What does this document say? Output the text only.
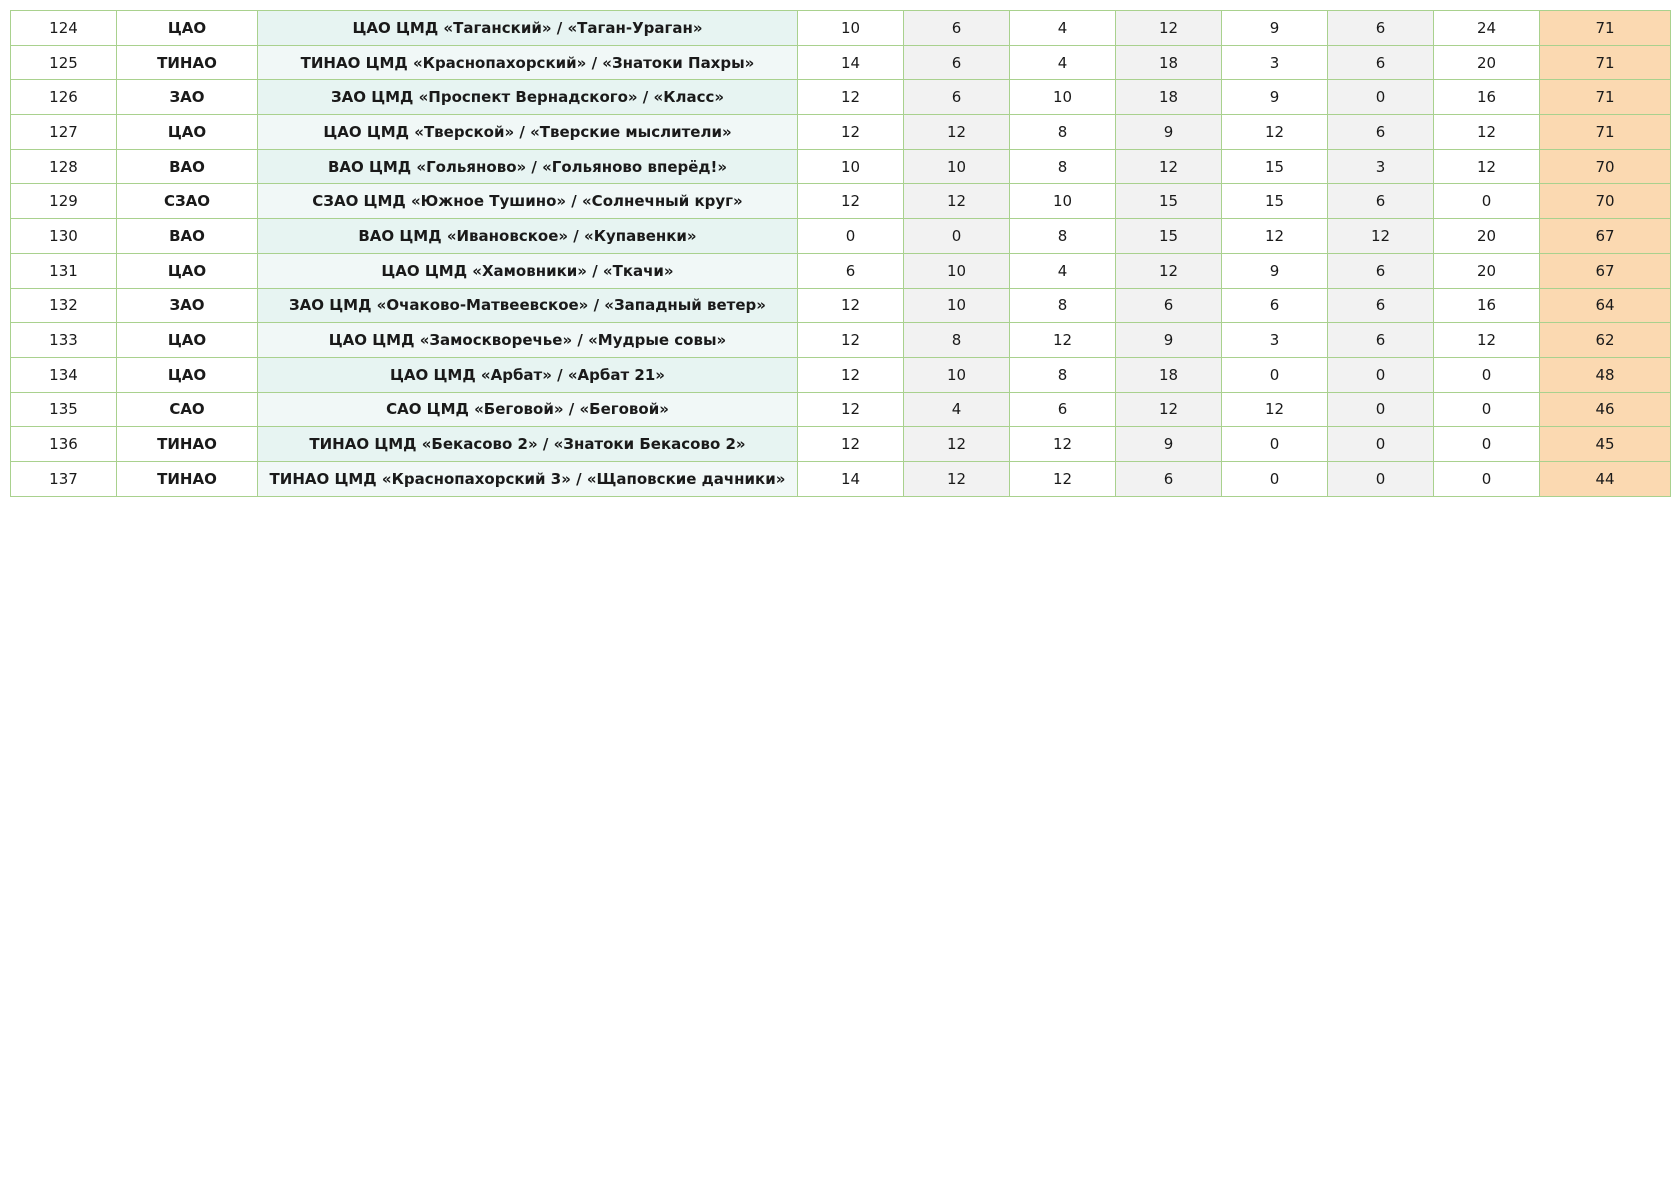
124	ЦАО	ЦАО ЦМД «Таганский» / «Таган-Ураган»	10	6	4	12	9	6	24	71
125	ТИНАО	ТИНАО ЦМД «Краснопахорский» / «Знатоки Пахры»	14	6	4	18	3	6	20	71
126	ЗАО	ЗАО ЦМД «Проспект Вернадского» / «Класс»	12	6	10	18	9	0	16	71
127	ЦАО	ЦАО ЦМД «Тверской» / «Тверские мыслители»	12	12	8	9	12	6	12	71
128	ВАО	ВАО ЦМД «Гольяново» / «Гольяново вперёд!»	10	10	8	12	15	3	12	70
129	СЗАО	СЗАО ЦМД «Южное Тушино» / «Солнечный круг»	12	12	10	15	15	6	0	70
130	ВАО	ВАО ЦМД «Ивановское» / «Купавенки»	0	0	8	15	12	12	20	67
131	ЦАО	ЦАО ЦМД «Хамовники» / «Ткачи»	6	10	4	12	9	6	20	67
132	ЗАО	ЗАО ЦМД «Очаково-Матвеевское» / «Западный ветер»	12	10	8	6	6	6	16	64
133	ЦАО	ЦАО ЦМД «Замоскворечье» / «Мудрые совы»	12	8	12	9	3	6	12	62
134	ЦАО	ЦАО ЦМД «Арбат» / «Арбат 21»	12	10	8	18	0	0	0	48
135	САО	САО ЦМД «Беговой» / «Беговой»	12	4	6	12	12	0	0	46
136	ТИНАО	ТИНАО ЦМД «Бекасово 2» / «Знатоки Бекасово 2»	12	12	12	9	0	0	0	45
137	ТИНАО	ТИНАО ЦМД «Краснопахорский 3» / «Щаповские дачники»	14	12	12	6	0	0	0	44
